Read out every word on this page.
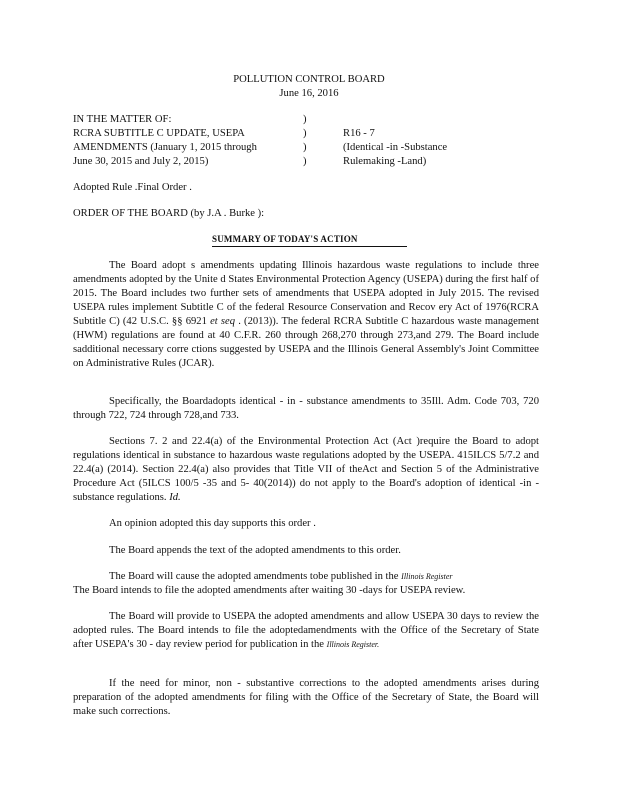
POLLUTION CONTROL BOARD
June 16, 2016
IN THE MATTER OF:	)
RCRA SUBTITLE C UPDATE, USEPA	)	R16 - 7
AMENDMENTS (January 1, 2015 through	)	(Identical -in -Substance
June 30, 2015 and July 2, 2015)	)	Rulemaking -Land)
Adopted Rule .Final Order .
ORDER OF THE BOARD (by J.A . Burke ):
SUMMARY OF TODAY'S ACTION
The Board adopt s amendments updating Illinois hazardous waste regulations to include three amendments adopted by the Unite d States Environmental Protection Agency (USEPA) during the first half of 2015. The Board includes two further sets of amendments that USEPA adopted in July 2015. The revised USEPA rules implement Subtitle C of the federal Resource Conservation and Recov ery Act of 1976(RCRA Subtitle C) (42 U.S.C. §§ 6921 et seq . (2013)). The federal RCRA Subtitle C hazardous waste management (HWM) regulations are found at 40 C.F.R. 260 through 268,270 through 273,and 279. The Board include sadditional necessary corre ctions suggested by USEPA and the Illinois General Assembly's Joint Committee on Administrative Rules (JCAR).
Specifically, the Boardadopts identical - in - substance amendments to 35Ill. Adm. Code 703, 720 through 722, 724 through 728,and 733.
Sections 7. 2 and 22.4(a) of the Environmental Protection Act (Act )require the Board to adopt regulations identical in substance to hazardous waste regulations adopted by the USEPA. 415ILCS 5/7.2 and 22.4(a) (2014). Section 22.4(a) also provides that Title VII of theAct and Section 5 of the Administrative Procedure Act (5ILCS 100/5 -35 and 5- 40(2014)) do not apply to the Board's adoption of identical -in -substance regulations. Id.
An opinion adopted this day supports this order .
The Board appends the text of the adopted amendments to this order.
The Board will cause the adopted amendments tobe published in the Illinois Register
The Board intends to file the adopted amendments after waiting 30 -days for USEPA review.
The Board will provide to USEPA the adopted amendments and allow USEPA 30 days to review the adopted rules. The Board intends to file the adoptedamendments with the Office of the Secretary of State after USEPA's 30 - day review period for publication in the Illinois Register.
If the need for minor, non - substantive corrections to the adopted amendments arises during preparation of the adopted amendments for filing with the Office of the Secretary of State, the Board will make such corrections.
